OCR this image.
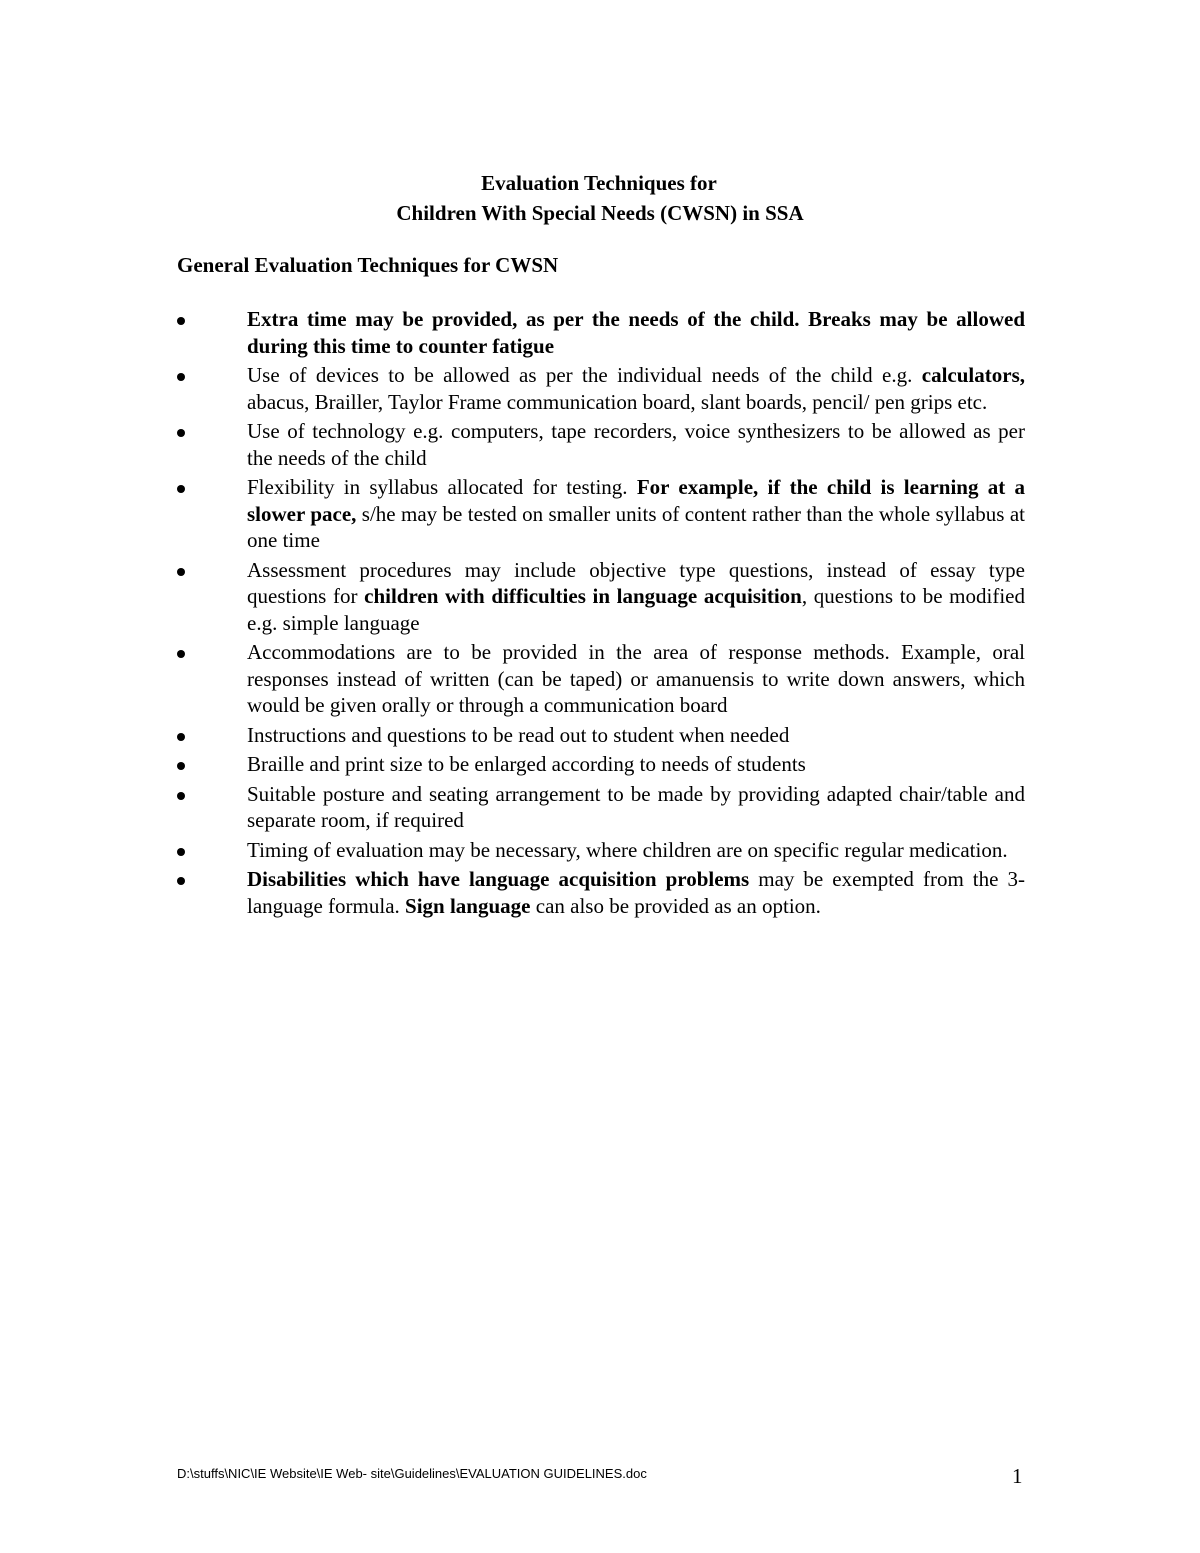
Evaluation Techniques for
Children With Special Needs (CWSN) in SSA
General Evaluation Techniques for CWSN
Extra time may be provided, as per the needs of the child. Breaks may be allowed during this time to counter fatigue
Use of devices to be allowed as per the individual needs of the child e.g. calculators, abacus, Brailler, Taylor Frame communication board, slant boards, pencil/ pen grips etc.
Use of technology e.g. computers, tape recorders, voice synthesizers to be allowed as per the needs of the child
Flexibility in syllabus allocated for testing. For example, if the child is learning at a slower pace, s/he may be tested on smaller units of content rather than the whole syllabus at one time
Assessment procedures may include objective type questions, instead of essay type questions for children with difficulties in language acquisition, questions to be modified e.g. simple language
Accommodations are to be provided in the area of response methods. Example, oral responses instead of written (can be taped) or amanuensis to write down answers, which would be given orally or through a communication board
Instructions and questions to be read out to student when needed
Braille and print size to be enlarged according to needs of students
Suitable posture and seating arrangement to be made by providing adapted chair/table and separate room, if required
Timing of evaluation may be necessary, where children are on specific regular medication.
Disabilities which have language acquisition problems may be exempted from the 3-language formula. Sign language can also be provided as an option.
D:\stuffs\NIC\IE Website\IE Web- site\Guidelines\EVALUATION GUIDELINES.doc	1
